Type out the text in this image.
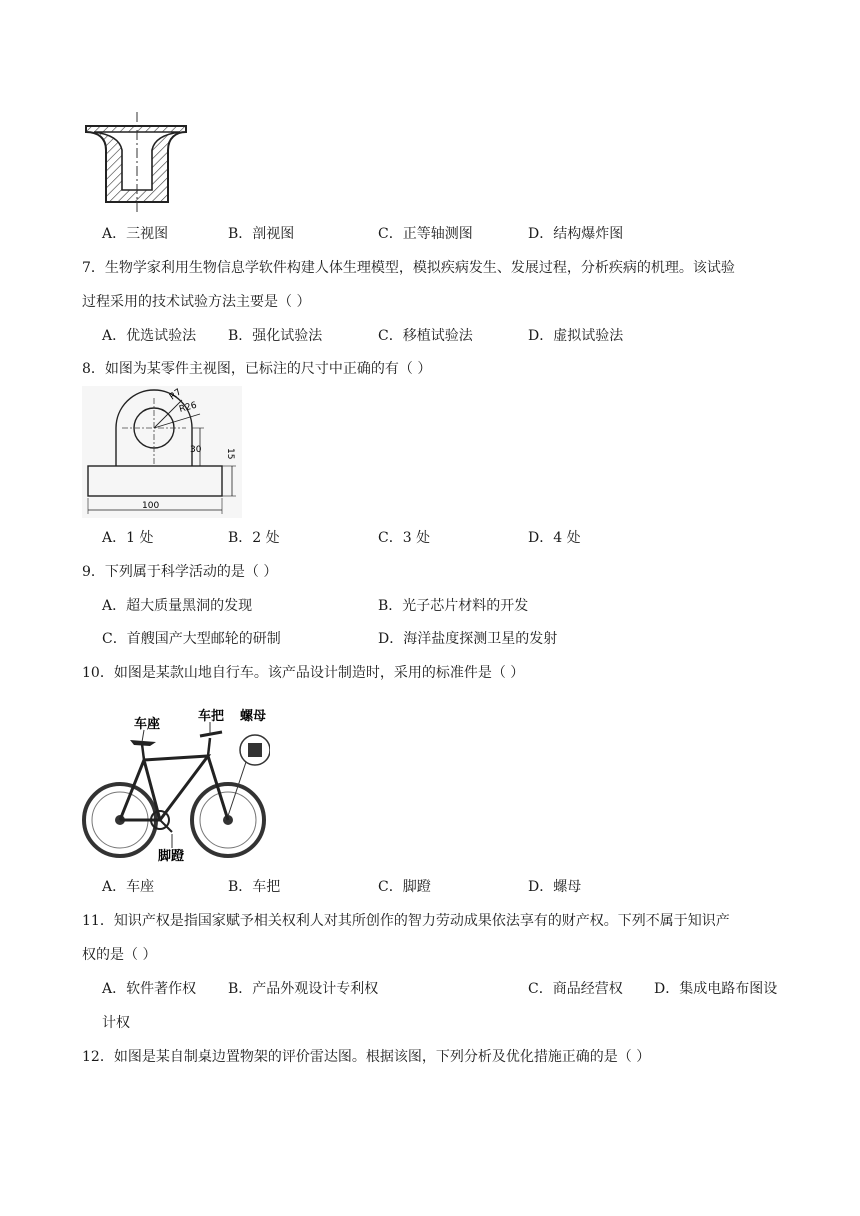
A．三视图	B．剖视图	C．正等轴测图	D．结构爆炸图
7．生物学家利用生物信息学软件构建人体生理模型，模拟疾病发生、发展过程，分析疾病的机理。该试验
过程采用的技术试验方法主要是（ ）
A．优选试验法 B．强化试验法	C．移植试验法	D．虚拟试验法
8．如图为某零件主视图，已标注的尺寸中正确的有（ ）
R7
R26
30	15
100
A．1 处	B．2 处	C．3 处	D．4 处
9．下列属于科学活动的是（ ）
A．超大质量黑洞的发现	B．光子芯片材料的开发
C．首艘国产大型邮轮的研制	D．海洋盐度探测卫星的发射
10．如图是某款山地自行车。该产品设计制造时，采用的标准件是（ ）
车座
车把 螺母
脚蹬
A．车座	B．车把	C．脚蹬	D．螺母
11．知识产权是指国家赋予相关权利人对其所创作的智力劳动成果依法享有的财产权。下列不属于知识产
权的是（ ）
A．软件著作权 B．产品外观设计专利权	C．商品经营权 D．集成电路布图设
计权
12．如图是某自制桌边置物架的评价雷达图。根据该图，下列分析及优化措施正确的是（ ）
